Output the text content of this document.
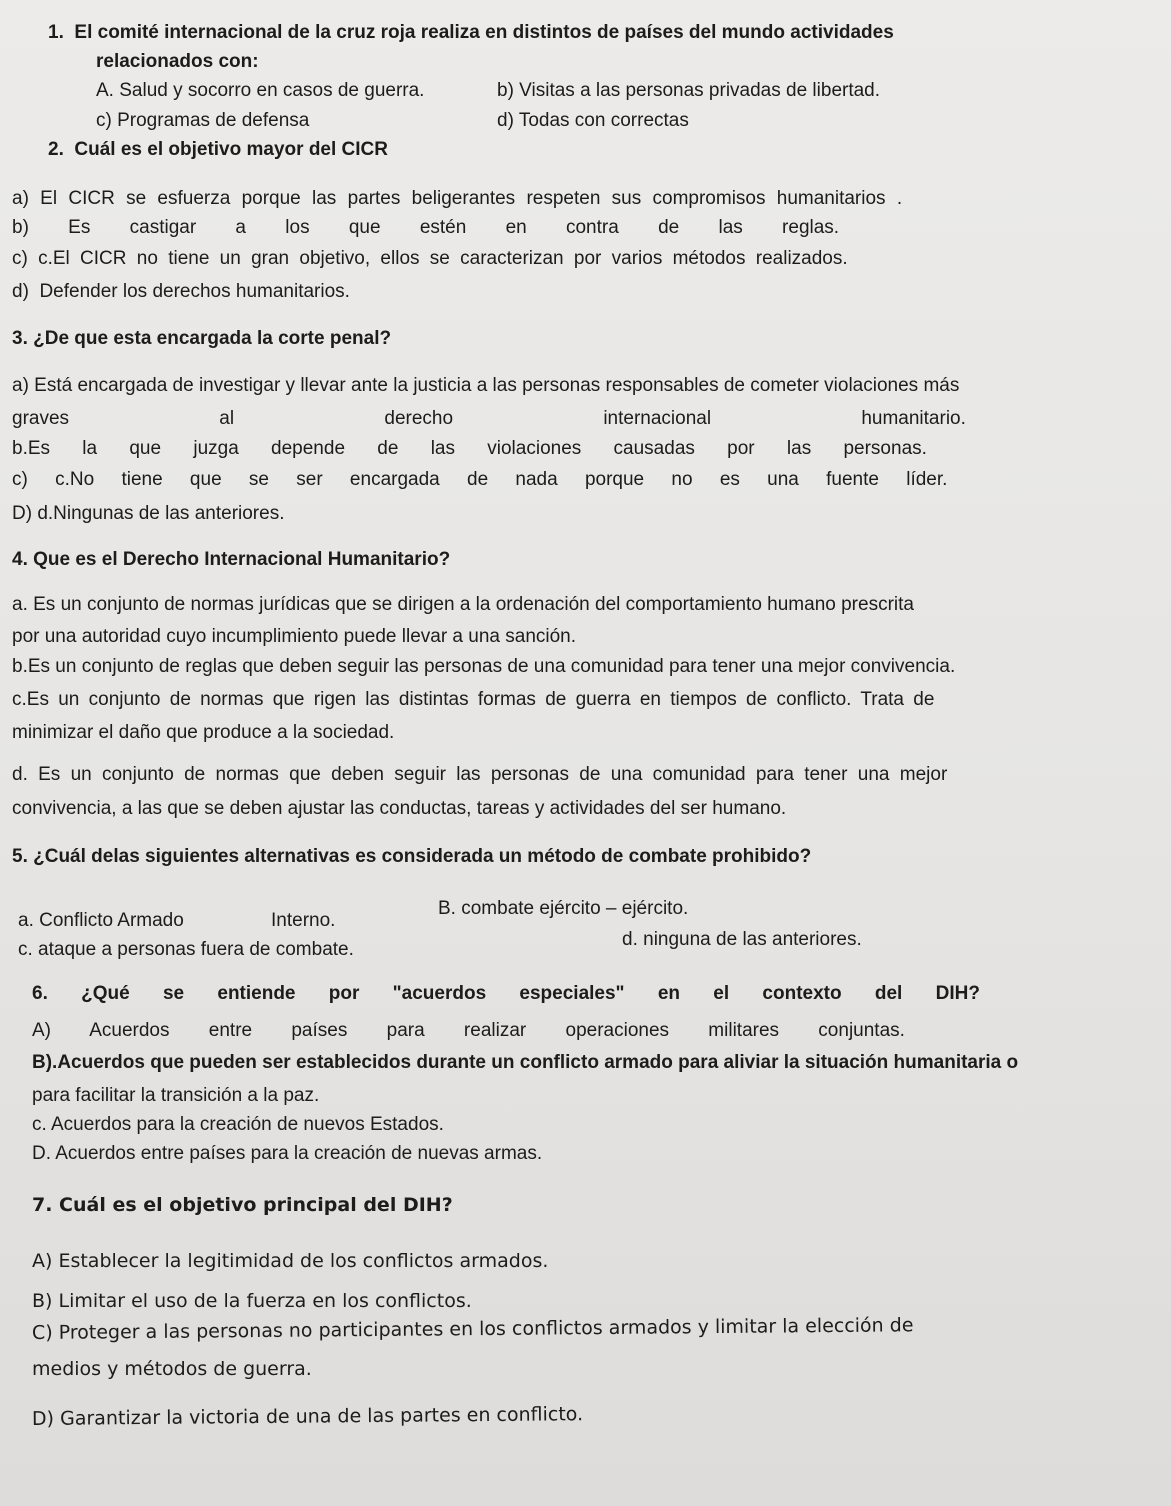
1.  El comité internacional de la cruz roja realiza en distintos de países del mundo actividades
relacionados con:
A. Salud y socorro en casos de guerra.	b) Visitas a las personas privadas de libertad.
c) Programas de defensa	d) Todas con correctas
2.  Cuál es el objetivo mayor del CICR
a) El CICR se esfuerza porque las partes beligerantes respeten sus compromisos humanitarios .
b) Es castigar a los que estén en contra de las reglas.
c) c.El CICR no tiene un gran objetivo, ellos se caracterizan por varios métodos realizados.
d)  Defender los derechos humanitarios.
3. ¿De que esta encargada la corte penal?
a) Está encargada de investigar y llevar ante la justicia a las personas responsables de cometer violaciones más
graves al derecho internacional humanitario.
b.Es la que juzga depende de las violaciones causadas por las personas.
c) c.No tiene que se ser encargada de nada porque no es una fuente líder.
D) d.Ningunas de las anteriores.
4. Que es el Derecho Internacional Humanitario?
a. Es un conjunto de normas jurídicas que se dirigen a la ordenación del comportamiento humano prescrita
por una autoridad cuyo incumplimiento puede llevar a una sanción.
b.Es un conjunto de reglas que deben seguir las personas de una comunidad para tener una mejor convivencia.
c.Es un conjunto de normas que rigen las distintas formas de guerra en tiempos de conflicto. Trata de
minimizar el daño que produce a la sociedad.
d. Es un conjunto de normas que deben seguir las personas de una comunidad para tener una mejor
convivencia, a las que se deben ajustar las conductas, tareas y actividades del ser humano.
5. ¿Cuál delas siguientes alternativas es considerada un método de combate prohibido?
a. Conflicto Armado	Interno.
B. combate ejército – ejército.
c. ataque a personas fuera de combate.	d. ninguna de las anteriores.
6. ¿Qué se entiende por "acuerdos especiales" en el contexto del DIH?
A) Acuerdos entre países para realizar operaciones militares conjuntas.
B).Acuerdos que pueden ser establecidos durante un conflicto armado para aliviar la situación humanitaria o
para facilitar la transición a la paz.
c. Acuerdos para la creación de nuevos Estados.
D. Acuerdos entre países para la creación de nuevas armas.
7. Cuál es el objetivo principal del DIH?
A) Establecer la legitimidad de los conflictos armados.
B) Limitar el uso de la fuerza en los conflictos.
C) Proteger a las personas no participantes en los conflictos armados y limitar la elección de
medios y métodos de guerra.
D) Garantizar la victoria de una de las partes en conflicto.
